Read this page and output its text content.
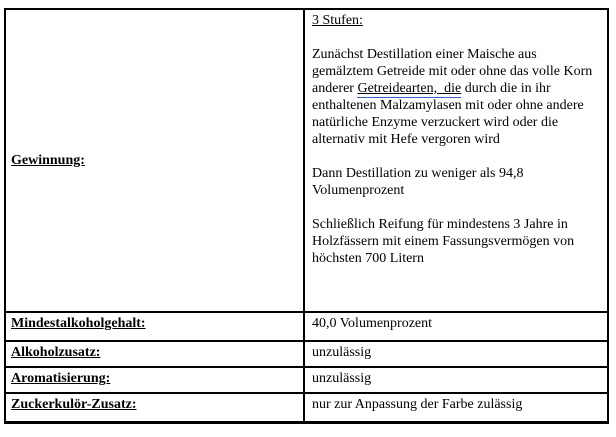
Gewinnung:

3 Stufen:

Zunächst Destillation einer Maische aus gemälztem Getreide mit oder ohne das volle Korn anderer Getreidearten,  die durch die in ihr enthaltenen Malzamylasen mit oder ohne andere natürliche Enzyme verzuckert wird oder die alternativ mit Hefe vergoren wird

Dann Destillation zu weniger als 94,8 Volumenprozent

Schließlich Reifung für mindestens 3 Jahre in Holzfässern mit einem Fassungsvermögen von höchsten 700 Litern

Mindestalkoholgehalt:	40,0 Volumenprozent
Alkoholzusatz:	unzulässig
Aromatisierung:	unzulässig
Zuckerkulör-Zusatz:	nur zur Anpassung der Farbe zulässig
